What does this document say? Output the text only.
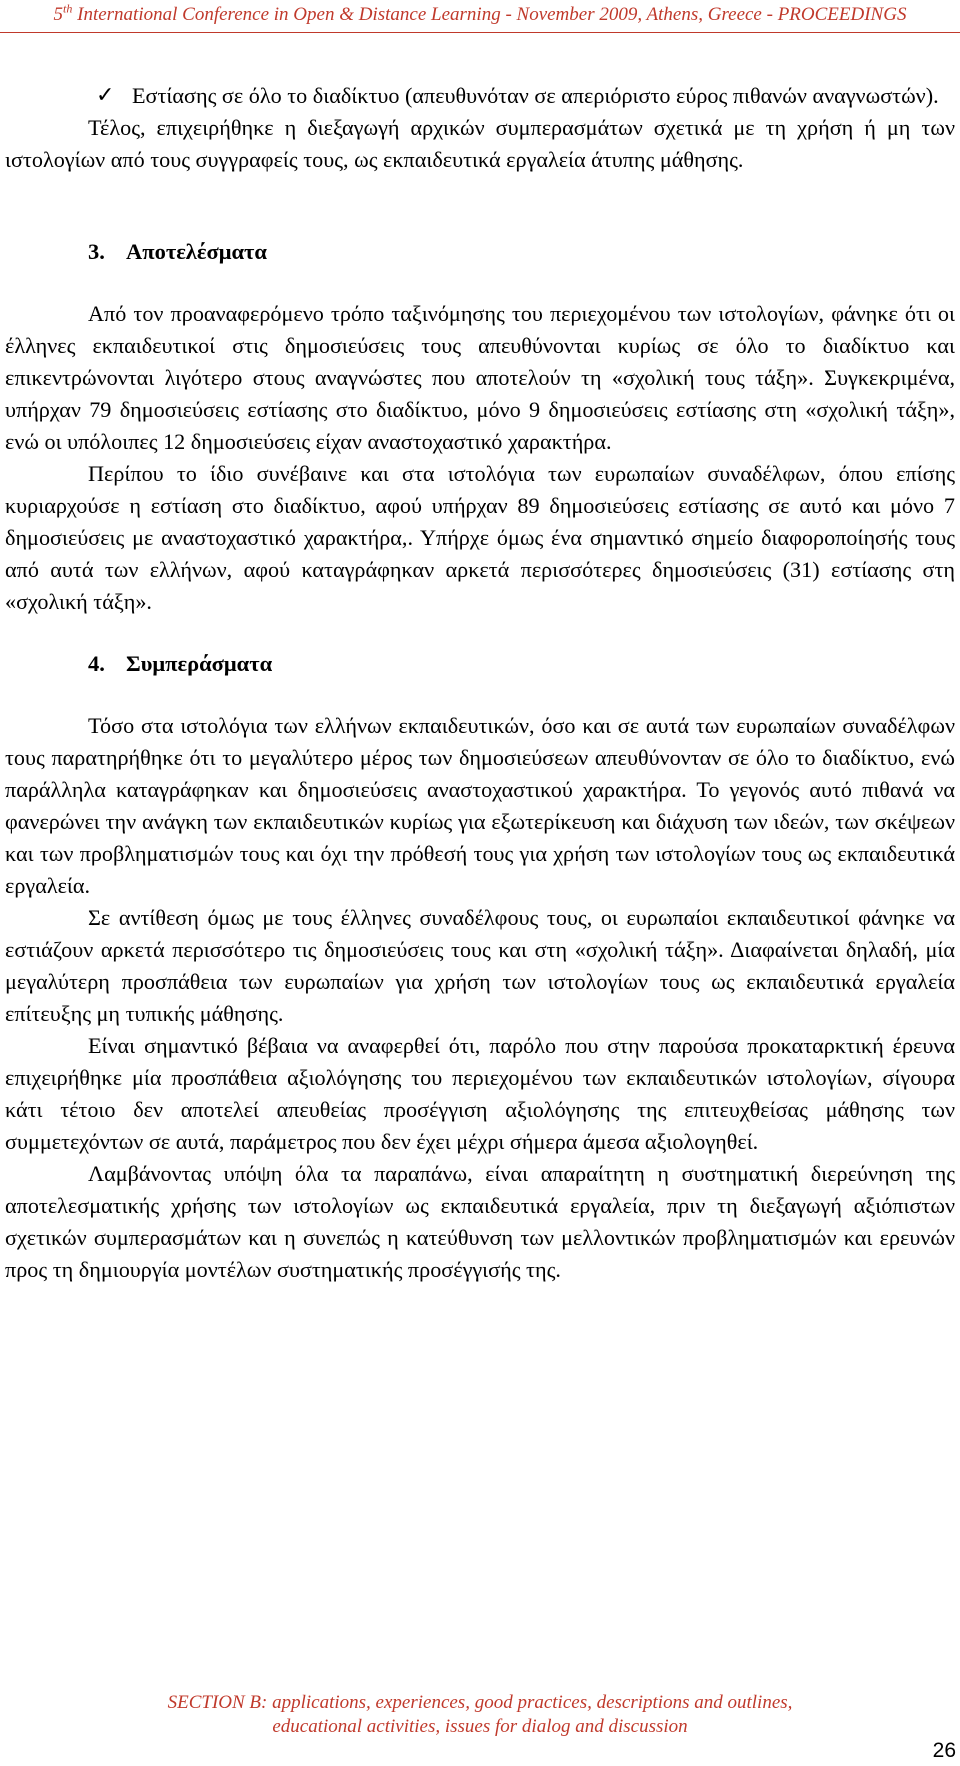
5th International Conference in Open & Distance Learning - November 2009, Athens, Greece - PROCEEDINGS

✓ Εστίασης σε όλο το διαδίκτυο (απευθυνόταν σε απεριόριστο εύρος πιθανών αναγνωστών).

Τέλος, επιχειρήθηκε η διεξαγωγή αρχικών συμπερασμάτων σχετικά με τη χρήση ή μη των ιστολογίων από τους συγγραφείς τους, ως εκπαιδευτικά εργαλεία άτυπης μάθησης.

3. Αποτελέσματα

Από τον προαναφερόμενο τρόπο ταξινόμησης του περιεχομένου των ιστολογίων, φάνηκε ότι οι έλληνες εκπαιδευτικοί στις δημοσιεύσεις τους απευθύνονται κυρίως σε όλο το διαδίκτυο και επικεντρώνονται λιγότερο στους αναγνώστες που αποτελούν τη «σχολική τους τάξη». Συγκεκριμένα, υπήρχαν 79 δημοσιεύσεις εστίασης στο διαδίκτυο, μόνο 9 δημοσιεύσεις εστίασης στη «σχολική τάξη», ενώ οι υπόλοιπες 12 δημοσιεύσεις είχαν αναστοχαστικό χαρακτήρα.

Περίπου το ίδιο συνέβαινε και στα ιστολόγια των ευρωπαίων συναδέλφων, όπου επίσης κυριαρχούσε η εστίαση στο διαδίκτυο, αφού υπήρχαν 89 δημοσιεύσεις εστίασης σε αυτό και μόνο 7 δημοσιεύσεις με αναστοχαστικό χαρακτήρα,. Υπήρχε όμως ένα σημαντικό σημείο διαφοροποίησής τους από αυτά των ελλήνων, αφού καταγράφηκαν αρκετά περισσότερες δημοσιεύσεις (31) εστίασης στη «σχολική τάξη».

4. Συμπεράσματα

Τόσο στα ιστολόγια των ελλήνων εκπαιδευτικών, όσο και σε αυτά των ευρωπαίων συναδέλφων τους παρατηρήθηκε ότι το μεγαλύτερο μέρος των δημοσιεύσεων απευθύνονταν σε όλο το διαδίκτυο, ενώ παράλληλα καταγράφηκαν και δημοσιεύσεις αναστοχαστικού χαρακτήρα. Το γεγονός αυτό πιθανά να φανερώνει την ανάγκη των εκπαιδευτικών κυρίως για εξωτερίκευση και διάχυση των ιδεών, των σκέψεων και των προβληματισμών τους και όχι την πρόθεσή τους για χρήση των ιστολογίων τους ως εκπαιδευτικά εργαλεία.

Σε αντίθεση όμως με τους έλληνες συναδέλφους τους, οι ευρωπαίοι εκπαιδευτικοί φάνηκε να εστιάζουν αρκετά περισσότερο τις δημοσιεύσεις τους και στη «σχολική τάξη». Διαφαίνεται δηλαδή, μία μεγαλύτερη προσπάθεια των ευρωπαίων για χρήση των ιστολογίων τους ως εκπαιδευτικά εργαλεία επίτευξης μη τυπικής μάθησης.

Είναι σημαντικό βέβαια να αναφερθεί ότι, παρόλο που στην παρούσα προκαταρκτική έρευνα επιχειρήθηκε μία προσπάθεια αξιολόγησης του περιεχομένου των εκπαιδευτικών ιστολογίων, σίγουρα κάτι τέτοιο δεν αποτελεί απευθείας προσέγγιση αξιολόγησης της επιτευχθείσας μάθησης των συμμετεχόντων σε αυτά, παράμετρος που δεν έχει μέχρι σήμερα άμεσα αξιολογηθεί.

Λαμβάνοντας υπόψη όλα τα παραπάνω, είναι απαραίτητη η συστηματική διερεύνηση της αποτελεσματικής χρήσης των ιστολογίων ως εκπαιδευτικά εργαλεία, πριν τη διεξαγωγή αξιόπιστων σχετικών συμπερασμάτων και η συνεπώς η κατεύθυνση των μελλοντικών προβληματισμών και ερευνών προς τη δημιουργία μοντέλων συστηματικής προσέγγισής της.

SECTION B: applications, experiences, good practices, descriptions and outlines,
educational activities, issues for dialog and discussion
26
